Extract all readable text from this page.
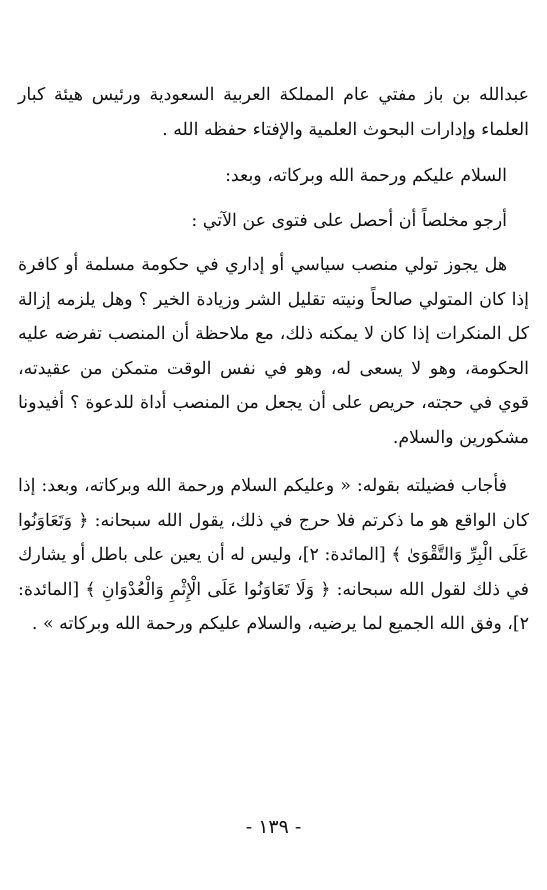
عبدالله بن باز مفتي عام المملكة العربية السعودية ورئيس هيئة كبار العلماء وإدارات البحوث العلمية والإفتاء حفظه الله .

السلام عليكم ورحمة الله وبركاته، وبعد:

أرجو مخلصاً أن أحصل على فتوى عن الآتي :

هل يجوز تولي منصب سياسي أو إداري في حكومة مسلمة أو كافرة إذا كان المتولي صالحاً ونيته تقليل الشر وزيادة الخير ؟ وهل يلزمه إزالة كل المنكرات إذا كان لا يمكنه ذلك، مع ملاحظة أن المنصب تفرضه عليه الحكومة، وهو لا يسعى له، وهو في نفس الوقت متمكن من عقيدته، قوي في حجته، حريص على أن يجعل من المنصب أداة للدعوة ؟ أفيدونا مشكورين والسلام.

فأجاب فضيلته بقوله: « وعليكم السلام ورحمة الله وبركاته، وبعد: إذا كان الواقع هو ما ذكرتم فلا حرج في ذلك، يقول الله سبحانه: ﴿ وَتَعَاوَنُوا عَلَى الْبِرِّ وَالتَّقْوَىٰ ﴾ [المائدة: ٢]، وليس له أن يعين على باطل أو يشارك في ذلك لقول الله سبحانه: ﴿ وَلَا تَعَاوَنُوا عَلَى الْإِثْمِ وَالْعُدْوَانِ ﴾ [المائدة: ٢]، وفق الله الجميع لما يرضيه، والسلام عليكم ورحمة الله وبركاته » .

- ١٣٩ -
